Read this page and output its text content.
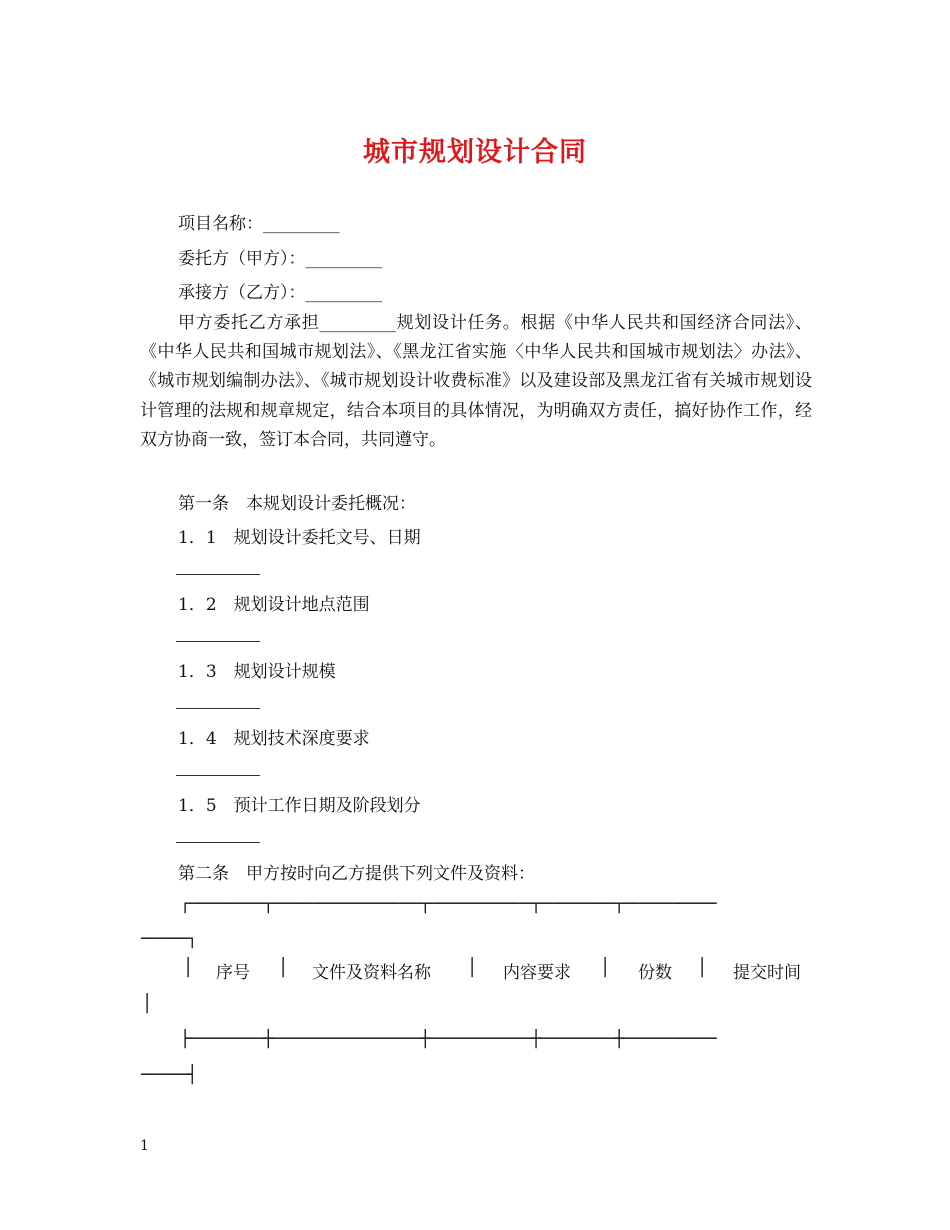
城市规划设计合同
项目名称：_________
委托方（甲方）：_________
承接方（乙方）：_________
甲方委托乙方承担_________规划设计任务。根据《中华人民共和国经济合同法》、《中华人民共和国城市规划法》、《黑龙江省实施〈中华人民共和国城市规划法〉办法》、《城市规划编制办法》、《城市规划设计收费标准》以及建设部及黑龙江省有关城市规划设计管理的法规和规章规定，结合本项目的具体情况，为明确双方责任，搞好协作工作，经双方协商一致，签订本合同，共同遵守。
第一条　本规划设计委托概况：
1．1　规划设计委托文号、日期
1．2　规划设计地点范围
1．3　规划设计规模
1．4　规划技术深度要求
1．5　预计工作日期及阶段划分
第二条　甲方按时向乙方提供下列文件及资料：
┌────────┬────────────────┬───────────┬────────┬──────────
─────┐
│ 序号 │ 文件及资料名称 │ 内容要求 │ 份数 │ 提交时间
│
├────────┼────────────────┼───────────┼────────┼──────────
─────┤
1
